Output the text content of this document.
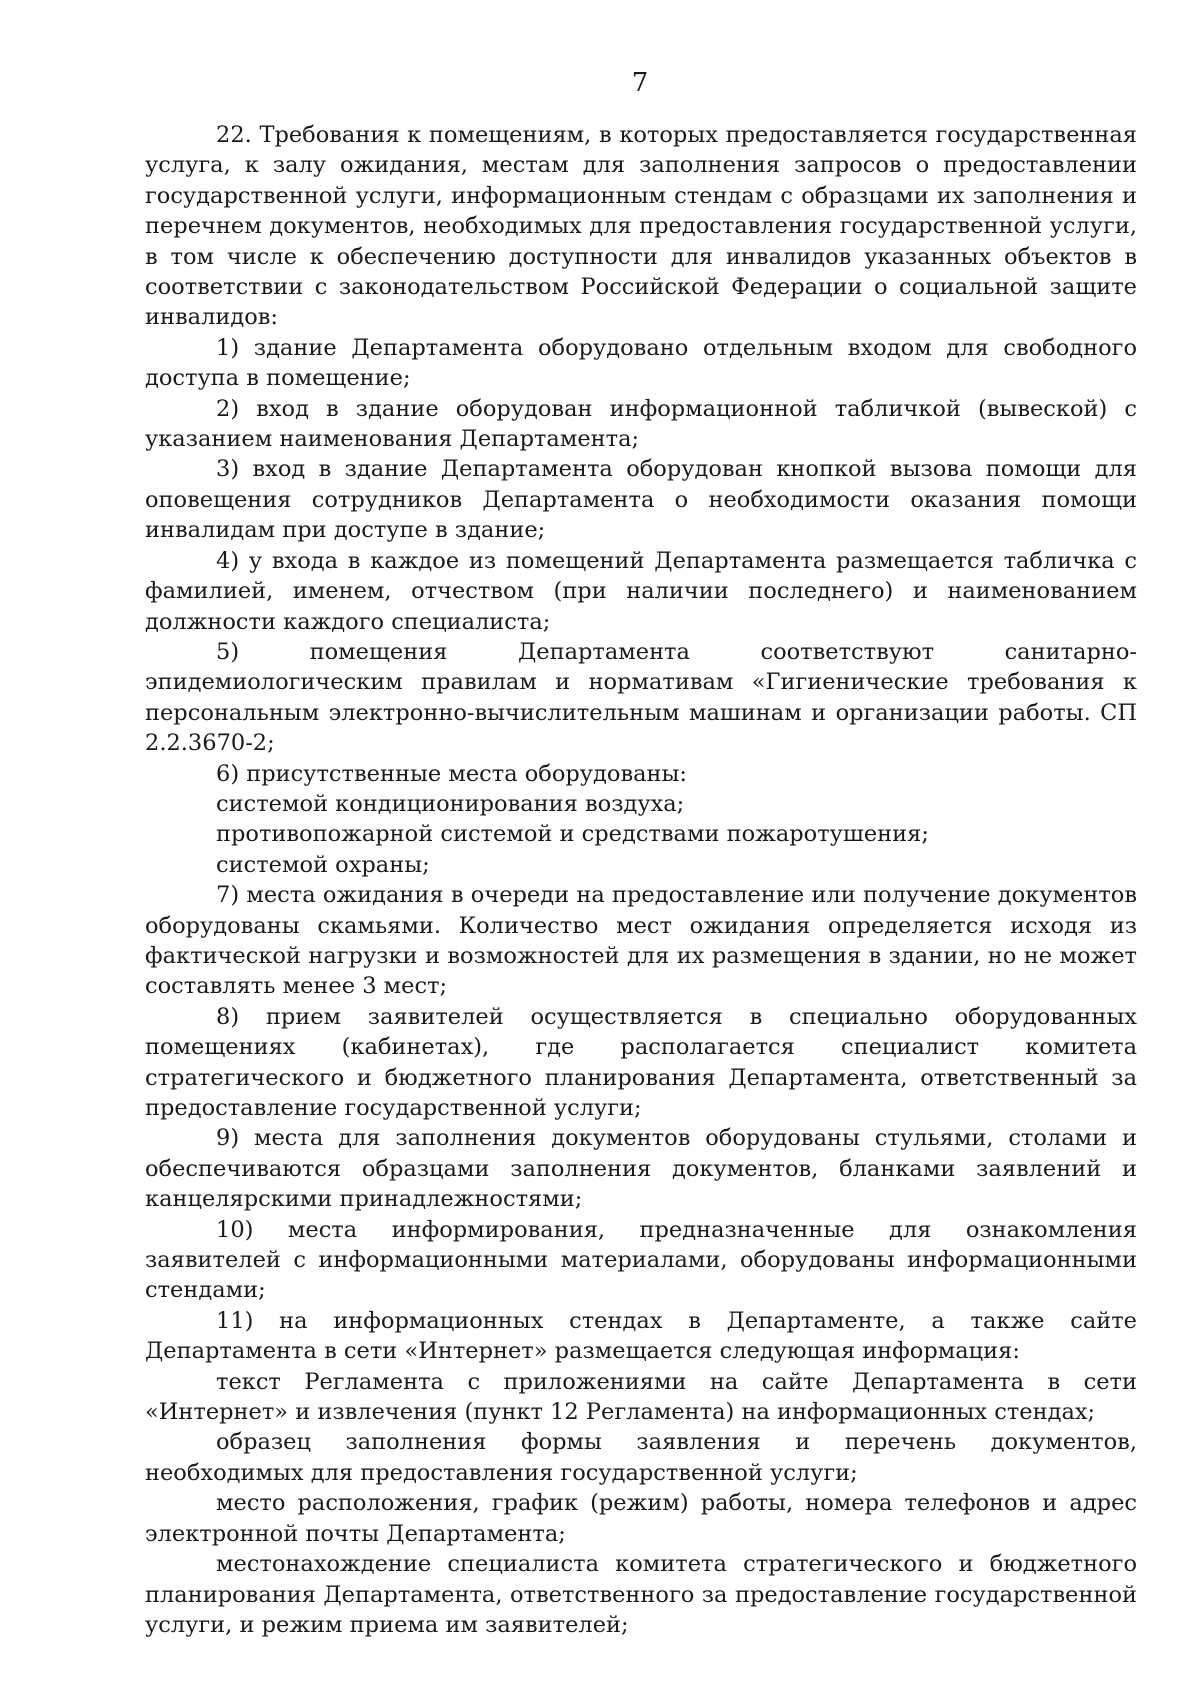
7

22. Требования к помещениям, в которых предоставляется государственная услуга, к залу ожидания, местам для заполнения запросов о предоставлении государственной услуги, информационным стендам с образцами их заполнения и перечнем документов, необходимых для предоставления государственной услуги, в том числе к обеспечению доступности для инвалидов указанных объектов в соответствии с законодательством Российской Федерации о социальной защите инвалидов:

1) здание Департамента оборудовано отдельным входом для свободного доступа в помещение;

2) вход в здание оборудован информационной табличкой (вывеской) с указанием наименования Департамента;

3) вход в здание Департамента оборудован кнопкой вызова помощи для оповещения сотрудников Департамента о необходимости оказания помощи инвалидам при доступе в здание;

4) у входа в каждое из помещений Департамента размещается табличка с фамилией, именем, отчеством (при наличии последнего) и наименованием должности каждого специалиста;

5) помещения Департамента соответствуют санитарно-эпидемиологическим правилам и нормативам «Гигиенические требования к персональным электронно-вычислительным машинам и организации работы. СП 2.2.3670-2;

6) присутственные места оборудованы:

системой кондиционирования воздуха;

противопожарной системой и средствами пожаротушения;

системой охраны;

7) места ожидания в очереди на предоставление или получение документов оборудованы скамьями. Количество мест ожидания определяется исходя из фактической нагрузки и возможностей для их размещения в здании, но не может составлять менее 3 мест;

8) прием заявителей осуществляется в специально оборудованных помещениях (кабинетах), где располагается специалист комитета стратегического и бюджетного планирования Департамента, ответственный за предоставление государственной услуги;

9) места для заполнения документов оборудованы стульями, столами и обеспечиваются образцами заполнения документов, бланками заявлений и канцелярскими принадлежностями;

10) места информирования, предназначенные для ознакомления заявителей с информационными материалами, оборудованы информационными стендами;

11) на информационных стендах в Департаменте, а также сайте Департамента в сети «Интернет» размещается следующая информация:

текст Регламента с приложениями на сайте Департамента в сети «Интернет» и извлечения (пункт 12 Регламента) на информационных стендах;

образец заполнения формы заявления и перечень документов, необходимых для предоставления государственной услуги;

место расположения, график (режим) работы, номера телефонов и адрес электронной почты Департамента;

местонахождение специалиста комитета стратегического и бюджетного планирования Департамента, ответственного за предоставление государственной услуги, и режим приема им заявителей;
